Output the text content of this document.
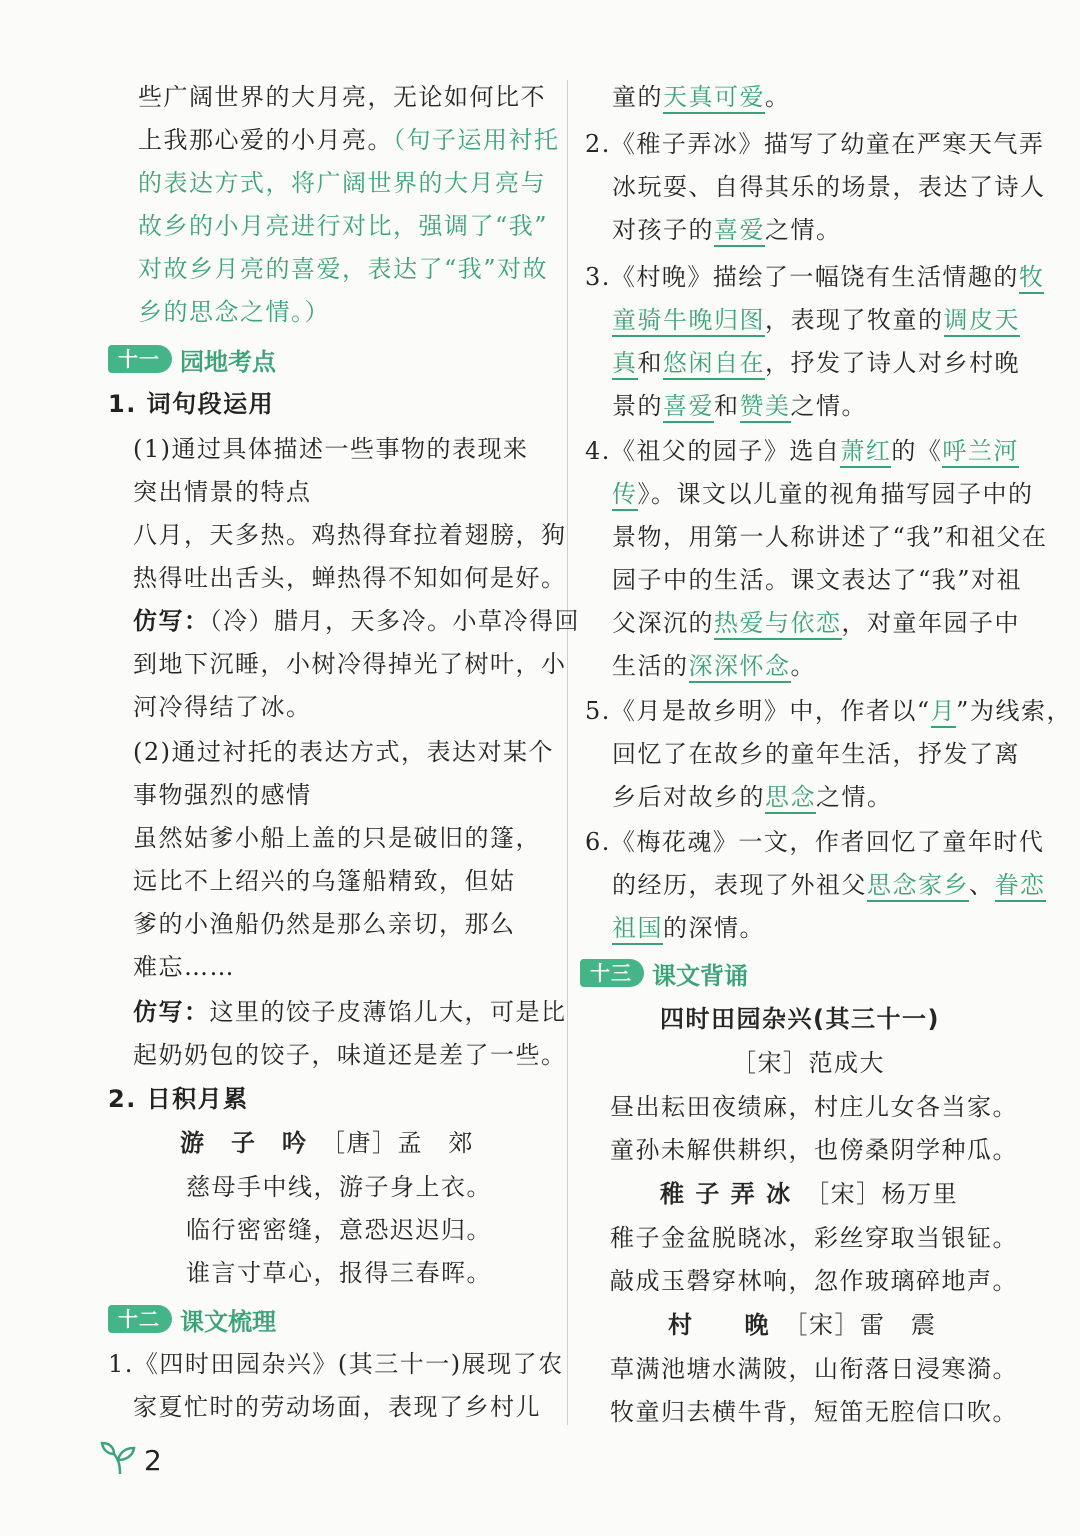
些广阔世界的大月亮，无论如何比不
上我那心爱的小月亮。（句子运用衬托
的表达方式，将广阔世界的大月亮与
故乡的小月亮进行对比，强调了“我”
对故乡月亮的喜爱，表达了“我”对故
乡的思念之情。）
十一 园地考点
1. 词句段运用
(1)通过具体描述一些事物的表现来
突出情景的特点
八月，天多热。鸡热得耷拉着翅膀，狗
热得吐出舌头，蝉热得不知如何是好。
仿写：（冷）腊月，天多冷。小草冷得回
到地下沉睡，小树冷得掉光了树叶，小
河冷得结了冰。
(2)通过衬托的表达方式，表达对某个
事物强烈的感情
虽然姑爹小船上盖的只是破旧的篷，
远比不上绍兴的乌篷船精致，但姑
爹的小渔船仍然是那么亲切，那么
难忘……
仿写：这里的饺子皮薄馅儿大，可是比
起奶奶包的饺子，味道还是差了一些。
2. 日积月累
游　子　吟　 ［唐］孟　郊
慈母手中线，游子身上衣。
临行密密缝，意恐迟迟归。
谁言寸草心，报得三春晖。
十二 课文梳理
1.《四时田园杂兴》(其三十一)展现了农
家夏忙时的劳动场面，表现了乡村儿
童的天真可爱。
2.《稚子弄冰》描写了幼童在严寒天气弄
冰玩耍、自得其乐的场景，表达了诗人
对孩子的喜爱之情。
3.《村晚》描绘了一幅饶有生活情趣的牧
童骑牛晚归图，表现了牧童的调皮天
真和悠闲自在，抒发了诗人对乡村晚
景的喜爱和赞美之情。
4.《祖父的园子》选自萧红的《呼兰河
传》。课文以儿童的视角描写园子中的
景物，用第一人称讲述了“我”和祖父在
园子中的生活。课文表达了“我”对祖
父深沉的热爱与依恋，对童年园子中
生活的深深怀念。
5.《月是故乡明》中，作者以“月”为线索，
回忆了在故乡的童年生活，抒发了离
乡后对故乡的思念之情。
6.《梅花魂》一文，作者回忆了童年时代
的经历，表现了外祖父思念家乡、眷恋
祖国的深情。
十三 课文背诵
四时田园杂兴(其三十一)
［宋］范成大
昼出耘田夜绩麻，村庄儿女各当家。
童孙未解供耕织，也傍桑阴学种瓜。
稚 子 弄 冰　 ［宋］杨万里
稚子金盆脱晓冰，彩丝穿取当银钲。
敲成玉磬穿林响，忽作玻璃碎地声。
村　　晚　 ［宋］雷　震
草满池塘水满陂，山衔落日浸寒漪。
牧童归去横牛背，短笛无腔信口吹。
2
